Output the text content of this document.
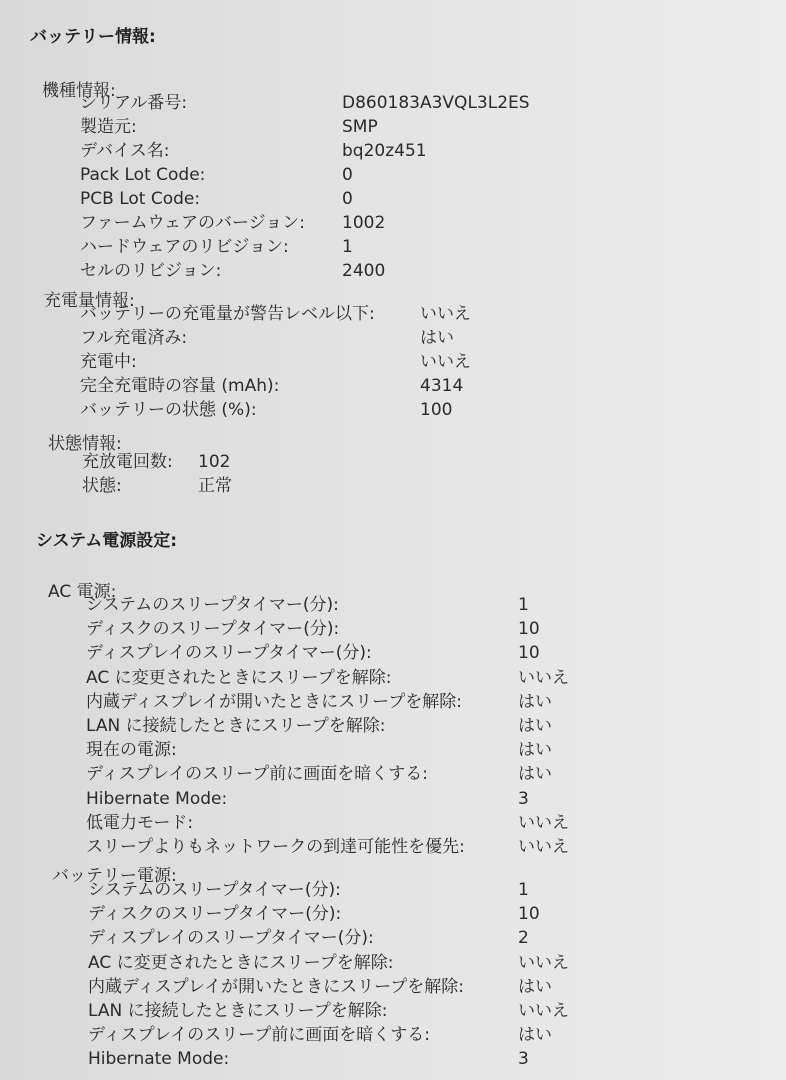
バッテリー情報:
機種情報:
シリアル番号:	D860183A3VQL3L2ES
製造元:	SMP
デバイス名:	bq20z451
Pack Lot Code:	0
PCB Lot Code:	0
ファームウェアのバージョン: 1002
ハードウェアのリビジョン:	1
セルのリビジョン:	2400
充電量情報:
バッテリーの充電量が警告レベル以下:	いいえ
フル充電済み:	はい
充電中:	いいえ
完全充電時の容量 (mAh):	4314
バッテリーの状態 (%):	100
状態情報:
充放電回数: 102
状態:	正常
システム電源設定:
AC 電源:
システムのスリープタイマー(分):	1
ディスクのスリープタイマー(分):	10
ディスプレイのスリープタイマー(分):	10
AC に変更されたときにスリープを解除:	いいえ
内蔵ディスプレイが開いたときにスリープを解除:	はい
LAN に接続したときにスリープを解除:	はい
現在の電源:	はい
ディスプレイのスリープ前に画面を暗くする:	はい
Hibernate Mode:	3
低電力モード:	いいえ
スリープよりもネットワークの到達可能性を優先:	いいえ
バッテリー電源:
システムのスリープタイマー(分):	1
ディスクのスリープタイマー(分):	10
ディスプレイのスリープタイマー(分):	2
AC に変更されたときにスリープを解除:	いいえ
内蔵ディスプレイが開いたときにスリープを解除:	はい
LAN に接続したときにスリープを解除:	いいえ
ディスプレイのスリープ前に画面を暗くする:	はい
Hibernate Mode:	3
